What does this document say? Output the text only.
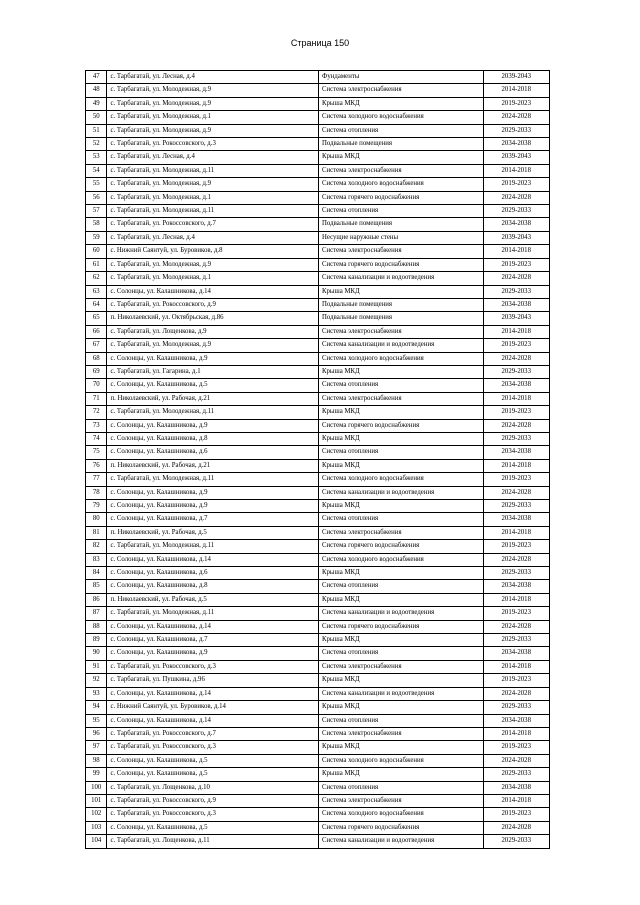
Страница 150
47	с. Тарбагатай, ул. Лесная, д.4	Фундаменты	2039-2043
48	с. Тарбагатай, ул. Молодежная, д.9	Система электроснабжения	2014-2018
49	с. Тарбагатай, ул. Молодежная, д.9	Крыша МКД	2019-2023
50	с. Тарбагатай, ул. Молодежная, д.1	Система холодного водоснабжения	2024-2028
51	с. Тарбагатай, ул. Молодежная, д.9	Система отопления	2029-2033
52	с. Тарбагатай, ул. Рокоссовского, д.3	Подвальные помещения	2034-2038
53	с. Тарбагатай, ул. Лесная, д.4	Крыша МКД	2039-2043
54	с. Тарбагатай, ул. Молодежная, д.11	Система электроснабжения	2014-2018
55	с. Тарбагатай, ул. Молодежная, д.9	Система холодного водоснабжения	2019-2023
56	с. Тарбагатай, ул. Молодежная, д.1	Система горячего водоснабжения	2024-2028
57	с. Тарбагатай, ул. Молодежная, д.11	Система отопления	2029-2033
58	с. Тарбагатай, ул. Рокоссовского, д.7	Подвальные помещения	2034-2038
59	с. Тарбагатай, ул. Лесная, д.4	Несущие наружные стены	2039-2043
60	с. Нижний Саянтуй, ул. Буровиков, д.8	Система электроснабжения	2014-2018
61	с. Тарбагатай, ул. Молодежная, д.9	Система горячего водоснабжения	2019-2023
62	с. Тарбагатай, ул. Молодежная, д.1	Система канализации и водоотведения	2024-2028
63	с. Солонцы, ул. Калашникова, д.14	Крыша МКД	2029-2033
64	с. Тарбагатай, ул. Рокоссовского, д.9	Подвальные помещения	2034-2038
65	п. Николаевский, ул. Октябрьская, д.86	Подвальные помещения	2039-2043
66	с. Тарбагатай, ул. Лощенкова, д.9	Система электроснабжения	2014-2018
67	с. Тарбагатай, ул. Молодежная, д.9	Система канализации и водоотведения	2019-2023
68	с. Солонцы, ул. Калашникова, д.9	Система холодного водоснабжения	2024-2028
69	с. Тарбагатай, ул. Гагарина, д.1	Крыша МКД	2029-2033
70	с. Солонцы, ул. Калашникова, д.5	Система отопления	2034-2038
71	п. Николаевский, ул. Рабочая, д.21	Система электроснабжения	2014-2018
72	с. Тарбагатай, ул. Молодежная, д.11	Крыша МКД	2019-2023
73	с. Солонцы, ул. Калашникова, д.9	Система горячего водоснабжения	2024-2028
74	с. Солонцы, ул. Калашникова, д.8	Крыша МКД	2029-2033
75	с. Солонцы, ул. Калашникова, д.6	Система отопления	2034-2038
76	п. Николаевский, ул. Рабочая, д.21	Крыша МКД	2014-2018
77	с. Тарбагатай, ул. Молодежная, д.11	Система холодного водоснабжения	2019-2023
78	с. Солонцы, ул. Калашникова, д.9	Система канализации и водоотведения	2024-2028
79	с. Солонцы, ул. Калашникова, д.9	Крыша МКД	2029-2033
80	с. Солонцы, ул. Калашникова, д.7	Система отопления	2034-2038
81	п. Николаевский, ул. Рабочая, д.5	Система электроснабжения	2014-2018
82	с. Тарбагатай, ул. Молодежная, д.11	Система горячего водоснабжения	2019-2023
83	с. Солонцы, ул. Калашникова, д.14	Система холодного водоснабжения	2024-2028
84	с. Солонцы, ул. Калашникова, д.6	Крыша МКД	2029-2033
85	с. Солонцы, ул. Калашникова, д.8	Система отопления	2034-2038
86	п. Николаевский, ул. Рабочая, д.5	Крыша МКД	2014-2018
87	с. Тарбагатай, ул. Молодежная, д.11	Система канализации и водоотведения	2019-2023
88	с. Солонцы, ул. Калашникова, д.14	Система горячего водоснабжения	2024-2028
89	с. Солонцы, ул. Калашникова, д.7	Крыша МКД	2029-2033
90	с. Солонцы, ул. Калашникова, д.9	Система отопления	2034-2038
91	с. Тарбагатай, ул. Рокоссовского, д.3	Система электроснабжения	2014-2018
92	с. Тарбагатай, ул. Пушкина, д.96	Крыша МКД	2019-2023
93	с. Солонцы, ул. Калашникова, д.14	Система канализации и водоотведения	2024-2028
94	с. Нижний Саянтуй, ул. Буровиков, д.14	Крыша МКД	2029-2033
95	с. Солонцы, ул. Калашникова, д.14	Система отопления	2034-2038
96	с. Тарбагатай, ул. Рокоссовского, д.7	Система электроснабжения	2014-2018
97	с. Тарбагатай, ул. Рокоссовского, д.3	Крыша МКД	2019-2023
98	с. Солонцы, ул. Калашникова, д.5	Система холодного водоснабжения	2024-2028
99	с. Солонцы, ул. Калашникова, д.5	Крыша МКД	2029-2033
100	с. Тарбагатай, ул. Лощенкова, д.10	Система отопления	2034-2038
101	с. Тарбагатай, ул. Рокоссовского, д.9	Система электроснабжения	2014-2018
102	с. Тарбагатай, ул. Рокоссовского, д.3	Система холодного водоснабжения	2019-2023
103	с. Солонцы, ул. Калашникова, д.5	Система горячего водоснабжения	2024-2028
104	с. Тарбагатай, ул. Лощенкова, д.11	Система канализации и водоотведения	2029-2033
